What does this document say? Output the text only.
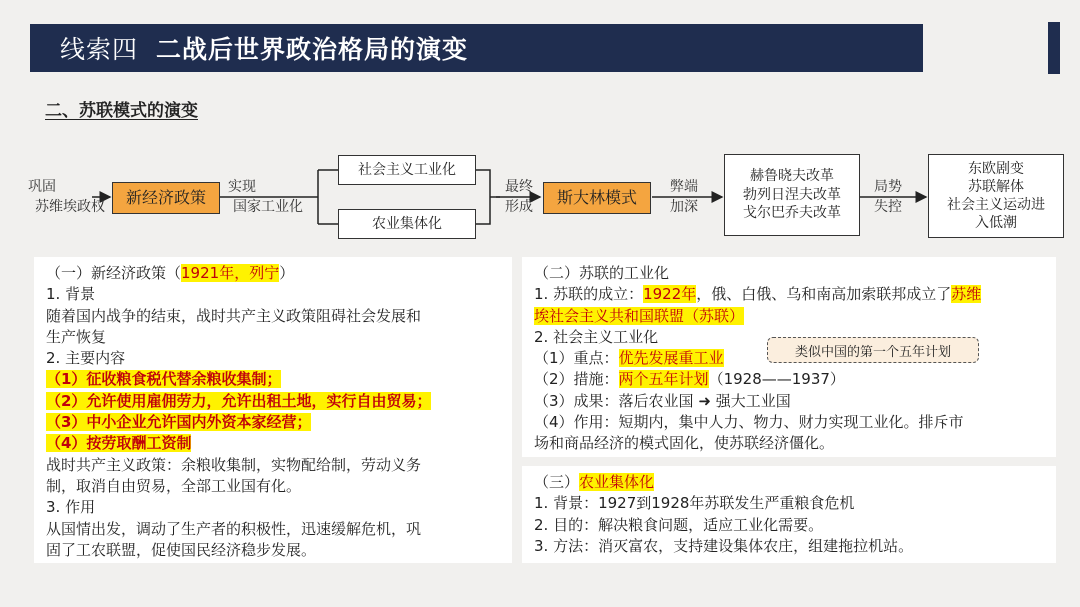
线索四 二战后世界政治格局的演变
二、苏联模式的演变
巩固
苏维埃政权	新经济政策
实现
国家工业化
社会主义工业化
农业集体化
最终
形成	斯大林模式
弊端
加深
赫鲁晓夫改革
勃列日涅夫改革
戈尔巴乔夫改革
局势
失控
东欧剧变
苏联解体
社会主义运动进
入低潮

（一）新经济政策（1921年，列宁）

1. 背景

随着国内战争的结束，战时共产主义政策阻碍社会发展和

生产恢复

2. 主要内容

（1）征收粮食税代替余粮收集制；

（2）允许使用雇佣劳力，允许出租土地，实行自由贸易；

（3）中小企业允许国内外资本家经营；

（4）按劳取酬工资制

战时共产主义政策：余粮收集制，实物配给制，劳动义务

制，取消自由贸易，全部工业国有化。

3. 作用

从国情出发，调动了生产者的积极性，迅速缓解危机，巩

固了工农联盟，促使国民经济稳步发展。

（二）苏联的工业化

1. 苏联的成立：1922年，俄、白俄、乌和南高加索联邦成立了苏维

埃社会主义共和国联盟（苏联）

2. 社会主义工业化

（1）重点：优先发展重工业

（2）措施：两个五年计划（1928——1937）

（3）成果：落后农业国 ➜ 强大工业国

（4）作用：短期内，集中人力、物力、财力实现工业化。排斥市

场和商品经济的模式固化，使苏联经济僵化。

类似中国的第一个五年计划

（三）农业集体化

1. 背景：1927到1928年苏联发生严重粮食危机

2. 目的：解决粮食问题，适应工业化需要。

3. 方法：消灭富农，支持建设集体农庄，组建拖拉机站。
